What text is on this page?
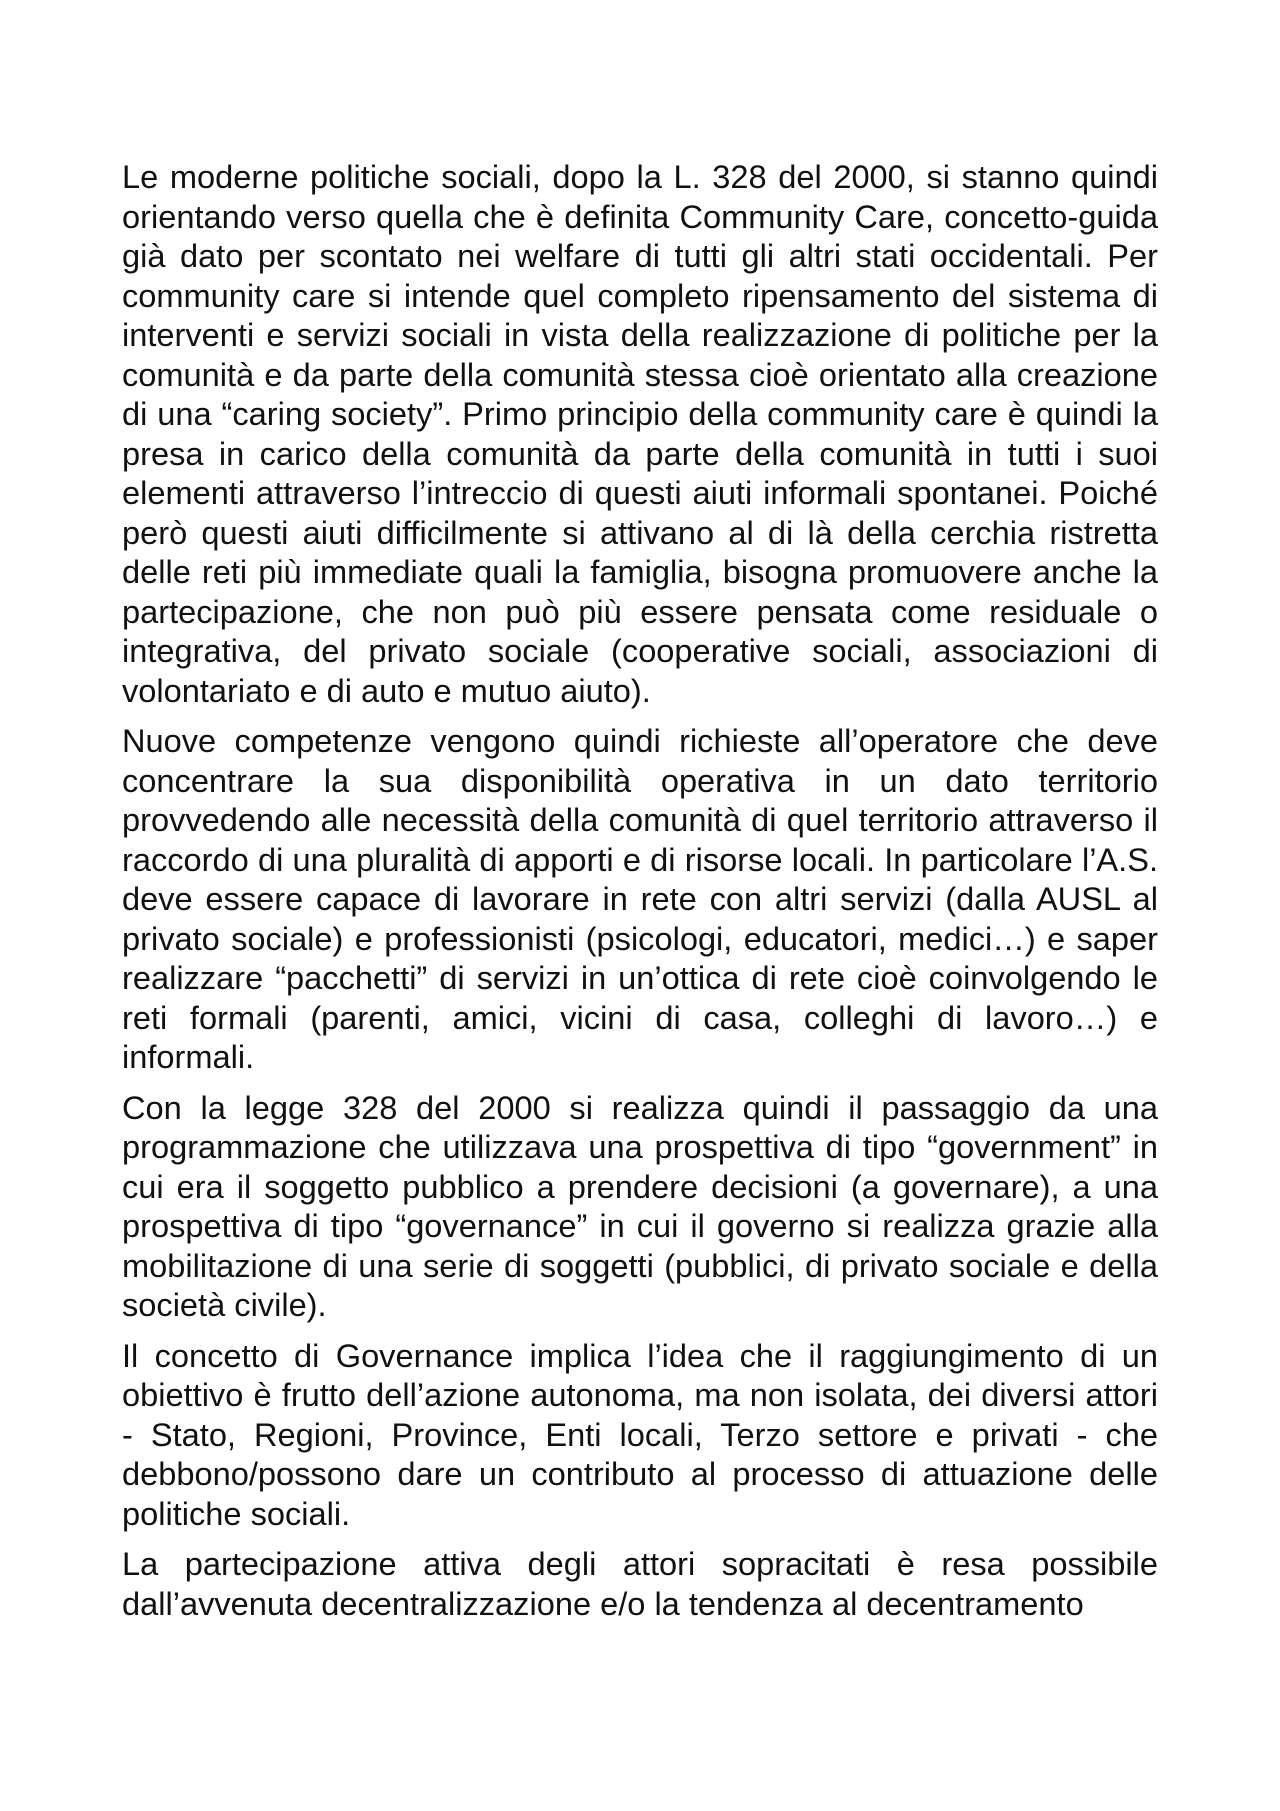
Le moderne politiche sociali, dopo la L. 328 del 2000, si stanno quindi orientando verso quella che è definita Community Care, concetto-guida già dato per scontato nei welfare di tutti gli altri stati occidentali. Per community care si intende quel completo ripensamento del sistema di interventi e servizi sociali in vista della realizzazione di politiche per la comunità e da parte della comunità stessa cioè orientato alla creazione di una “caring society”. Primo principio della community care è quindi la presa in carico della comunità da parte della comunità in tutti i suoi elementi attraverso l’intreccio di questi aiuti informali spontanei. Poiché però questi aiuti difficilmente si attivano al di là della cerchia ristretta delle reti più immediate quali la famiglia, bisogna promuovere anche la partecipazione, che non può più essere pensata come residuale o integrativa, del privato sociale (cooperative sociali, associazioni di volontariato e di auto e mutuo aiuto).

Nuove competenze vengono quindi richieste all’operatore che deve concentrare la sua disponibilità operativa in un dato territorio provvedendo alle necessità della comunità di quel territorio attraverso il raccordo di una pluralità di apporti e di risorse locali. In particolare l’A.S. deve essere capace di lavorare in rete con altri servizi (dalla AUSL al privato sociale) e professionisti (psicologi, educatori, medici…) e saper realizzare “pacchetti” di servizi in un’ottica di rete cioè coinvolgendo le reti formali (parenti, amici, vicini di casa, colleghi di lavoro…) e informali.

Con la legge 328 del 2000 si realizza quindi il passaggio da una programmazione che utilizzava una prospettiva di tipo “government” in cui era il soggetto pubblico a prendere decisioni (a governare), a una prospettiva di tipo “governance” in cui il governo si realizza grazie alla mobilitazione di una serie di soggetti (pubblici, di privato sociale e della società civile).

Il concetto di Governance implica l’idea che il raggiungimento di un obiettivo è frutto dell’azione autonoma, ma non isolata, dei diversi attori - Stato, Regioni, Province, Enti locali, Terzo settore e privati - che debbono/possono dare un contributo al processo di attuazione delle politiche sociali.

La partecipazione attiva degli attori sopracitati è resa possibile dall’avvenuta decentralizzazione e/o la tendenza al decentramento
